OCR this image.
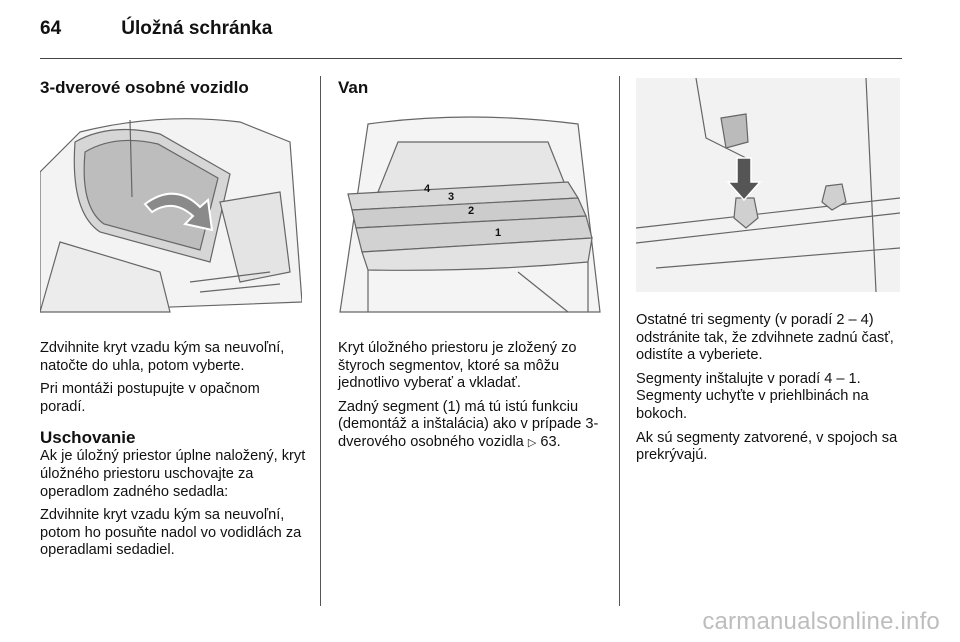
64	Úložná schránka
3-dverové osobné vozidlo

Zdvihnite kryt vzadu kým sa neuvoľní, natočte do uhla, potom vyberte.

Pri montáži postupujte v opačnom poradí.

Uschovanie

Ak je úložný priestor úplne naložený, kryt úložného priestoru uschovajte za operadlom zadného sedadla:

Zdvihnite kryt vzadu kým sa neuvoľní, potom ho posuňte nadol vo vodidlách za operadlami sedadiel.

Van
4
3
2
1

Kryt úložného priestoru je zložený zo štyroch segmentov, ktoré sa môžu jednotlivo vyberať a vkladať.

Zadný segment (1) má tú istú funkciu (demontáž a inštalácia) ako v prípade 3-dverového osobného vozidla ▷ 63.

Ostatné tri segmenty (v poradí 2 – 4) odstránite tak, že zdvihnete zadnú časť, odistíte a vyberiete.

Segmenty inštalujte v poradí 4 – 1. Segmenty uchyťte v priehlbinách na bokoch.

Ak sú segmenty zatvorené, v spojoch sa prekrývajú.

carmanualsonline.info
